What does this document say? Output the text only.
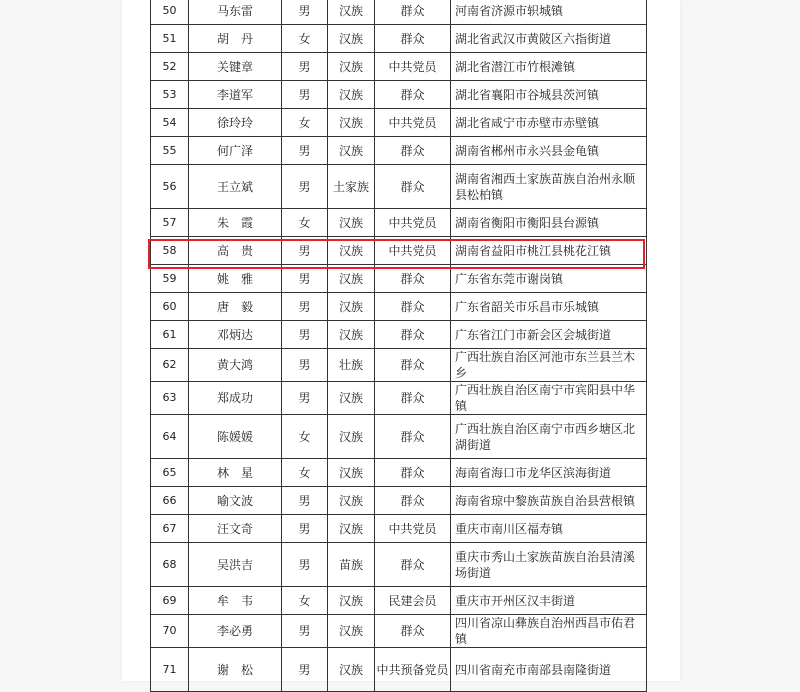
50	马东雷	男	汉族	群众	河南省济源市轵城镇
51	胡　丹	女	汉族	群众	湖北省武汉市黄陂区六指街道
52	关键章	男	汉族	中共党员	湖北省潜江市竹根滩镇
53	李道军	男	汉族	群众	湖北省襄阳市谷城县茨河镇
54	徐玲玲	女	汉族	中共党员	湖北省咸宁市赤壁市赤壁镇
55	何广泽	男	汉族	群众	湖南省郴州市永兴县金龟镇
56	王立斌	男	土家族	群众	湖南省湘西土家族苗族自治州永顺县松柏镇
57	朱　霞	女	汉族	中共党员	湖南省衡阳市衡阳县台源镇
58	高　贵	男	汉族	中共党员	湖南省益阳市桃江县桃花江镇
59	姚　雅	男	汉族	群众	广东省东莞市谢岗镇
60	唐　毅	男	汉族	群众	广东省韶关市乐昌市乐城镇
61	邓炳达	男	汉族	群众	广东省江门市新会区会城街道
62	黄大鸿	男	壮族	群众	广西壮族自治区河池市东兰县兰木乡
63	郑成功	男	汉族	群众	广西壮族自治区南宁市宾阳县中华镇
64	陈媛媛	女	汉族	群众	广西壮族自治区南宁市西乡塘区北湖街道
65	林　星	女	汉族	群众	海南省海口市龙华区滨海街道
66	喻文波	男	汉族	群众	海南省琼中黎族苗族自治县营根镇
67	汪文奇	男	汉族	中共党员	重庆市南川区福寿镇
68	吴洪吉	男	苗族	群众	重庆市秀山土家族苗族自治县清溪场街道
69	牟　韦	女	汉族	民建会员	重庆市开州区汉丰街道
70	李必勇	男	汉族	群众	四川省凉山彝族自治州西昌市佑君镇
71	谢　松	男	汉族	中共预备党员	四川省南充市南部县南隆街道
